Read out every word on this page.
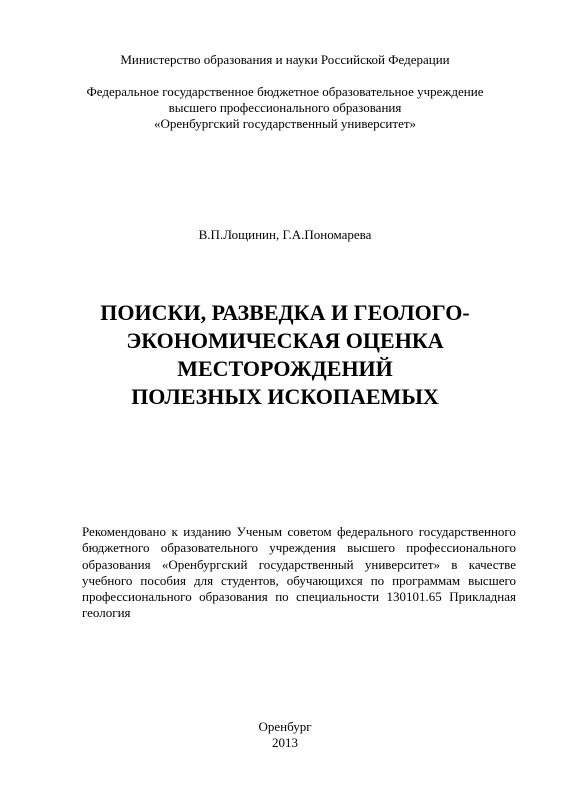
Министерство образования и науки Российской Федерации
Федеральное государственное бюджетное образовательное учреждение
высшего профессионального образования
«Оренбургский государственный университет»
В.П.Лощинин, Г.А.Пономарева
ПОИСКИ, РАЗВЕДКА И ГЕОЛОГО-
ЭКОНОМИЧЕСКАЯ ОЦЕНКА
МЕСТОРОЖДЕНИЙ
ПОЛЕЗНЫХ ИСКОПАЕМЫХ
Рекомендовано к изданию Ученым советом федерального государственного
бюджетного образовательного учреждения высшего профессионального
образования «Оренбургский государственный университет» в качестве
учебного пособия для студентов, обучающихся по программам высшего
профессионального образования по специальности 130101.65 Прикладная
геология
Оренбург
2013
